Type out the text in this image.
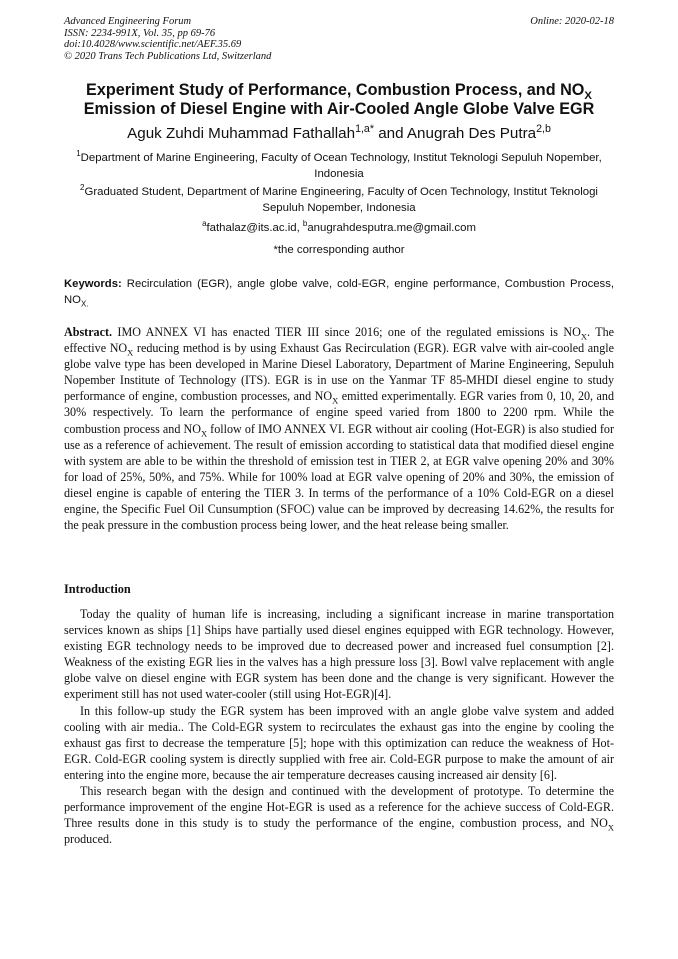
Advanced Engineering Forum
ISSN: 2234-991X, Vol. 35, pp 69-76
doi:10.4028/www.scientific.net/AEF.35.69
© 2020 Trans Tech Publications Ltd, Switzerland
Online: 2020-02-18
Experiment Study of Performance, Combustion Process, and $NO_X$
Emission of Diesel Engine with Air-Cooled Angle Globe Valve EGR
Aguk Zuhdi Muhammad Fathallah$^{1,a*}$ and Anugrah Des Putra$^{2,b}$
$^1$Department of Marine Engineering, Faculty of Ocean Technology, Institut Teknologi Sepuluh Nopember, Indonesia
$^2$Graduated Student, Department of Marine Engineering, Faculty of Ocen Technology, Institut Teknologi Sepuluh Nopember, Indonesia
$^a$fathalaz@its.ac.id, $^b$anugrahdesputra.me@gmail.com
*the corresponding author
Keywords: Recirculation (EGR), angle globe valve, cold-EGR, engine performance, Combustion Process, $NO_{X.}$
Abstract. IMO ANNEX VI has enacted TIER III since 2016; one of the regulated emissions is $NO_X$. The effective $NO_X$ reducing method is by using Exhaust Gas Recirculation (EGR). EGR valve with air-cooled angle globe valve type has been developed in Marine Diesel Laboratory, Department of Marine Engineering, Sepuluh Nopember Institute of Technology (ITS). EGR is in use on the Yanmar TF 85-MHDI diesel engine to study performance of engine, combustion processes, and $NO_X$ emitted experimentally. EGR varies from 0, 10, 20, and 30% respectively. To learn the performance of engine speed varied from 1800 to 2200 rpm. While the combustion process and $NO_X$ follow of IMO ANNEX VI. EGR without air cooling (Hot-EGR) is also studied for use as a reference of achievement. The result of emission according to statistical data that modified diesel engine with system are able to be within the threshold of emission test in TIER 2, at EGR valve opening 20% and 30% for load of 25%, 50%, and 75%. While for 100% load at EGR valve opening of 20% and 30%, the emission of diesel engine is capable of entering the TIER 3. In terms of the performance of a 10% Cold-EGR on a diesel engine, the Specific Fuel Oil Cunsumption (SFOC) value can be improved by decreasing 14.62%, the results for the peak pressure in the combustion process being lower, and the heat release being smaller.
Introduction

Today the quality of human life is increasing, including a significant increase in marine transportation services known as ships [1] Ships have partially used diesel engines equipped with EGR technology. However, existing EGR technology needs to be improved due to decreased power and increased fuel consumption [2]. Weakness of the existing EGR lies in the valves has a high pressure loss [3]. Bowl valve replacement with angle globe valve on diesel engine with EGR system has been done and the change is very significant. However the experiment still has not used water-cooler (still using Hot-EGR)[4].

In this follow-up study the EGR system has been improved with an angle globe valve system and added cooling with air media.. The Cold-EGR system to recirculates the exhaust gas into the engine by cooling the exhaust gas first to decrease the temperature [5]; hope with this optimization can reduce the weakness of Hot-EGR. Cold-EGR cooling system is directly supplied with free air. Cold-EGR purpose to make the amount of air entering into the engine more, because the air temperature decreases causing increased air density [6].

This research began with the design and continued with the development of prototype. To determine the performance improvement of the engine Hot-EGR is used as a reference for the achieve success of Cold-EGR. Three results done in this study is to study the performance of the engine, combustion process, and $NO_X$ produced.
